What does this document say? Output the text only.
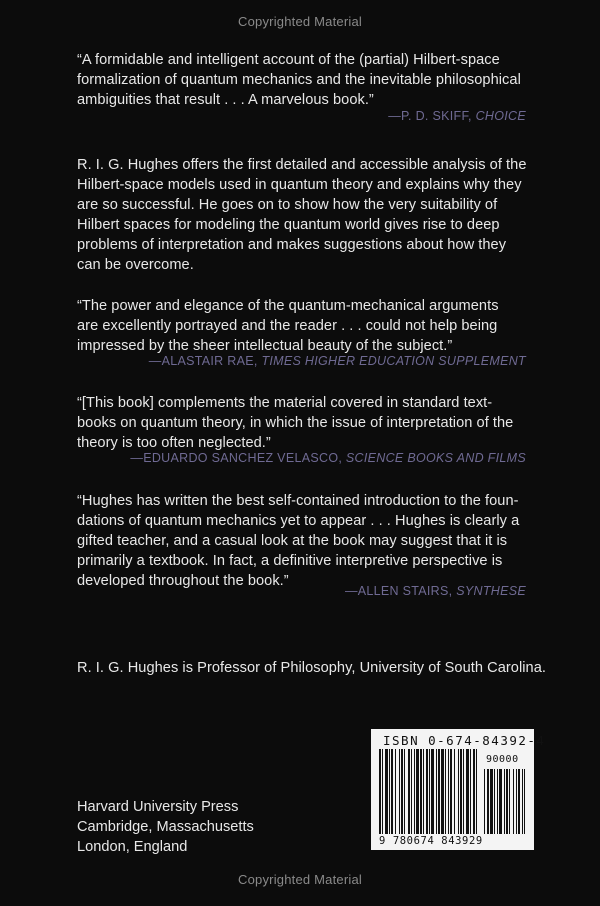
Copyrighted Material
“A formidable and intelligent account of the (partial) Hilbert-space
formalization of quantum mechanics and the inevitable philosophical
ambiguities that result . . . A marvelous book.”
—P. D. SKIFF, CHOICE
R. I. G. Hughes offers the first detailed and accessible analysis of the
Hilbert-space models used in quantum theory and explains why they
are so successful. He goes on to show how the very suitability of
Hilbert spaces for modeling the quantum world gives rise to deep
problems of interpretation and makes suggestions about how they
can be overcome.
“The power and elegance of the quantum-mechanical arguments
are excellently portrayed and the reader . . . could not help being
impressed by the sheer intellectual beauty of the subject.”
—ALASTAIR RAE, TIMES HIGHER EDUCATION SUPPLEMENT
“[This book] complements the material covered in standard text-
books on quantum theory, in which the issue of interpretation of the
theory is too often neglected.”
—EDUARDO SANCHEZ VELASCO, SCIENCE BOOKS AND FILMS
“Hughes has written the best self-contained introduction to the foun-
dations of quantum mechanics yet to appear . . . Hughes is clearly a
gifted teacher, and a casual look at the book may suggest that it is
primarily a textbook. In fact, a definitive interpretive perspective is
developed throughout the book.”
—ALLEN STAIRS, SYNTHESE
R. I. G. Hughes is Professor of Philosophy, University of South Carolina.
Harvard University Press
Cambridge, Massachusetts
London, England
ISBN 0-674-84392-4
90000
9 780674 843929
Copyrighted Material
